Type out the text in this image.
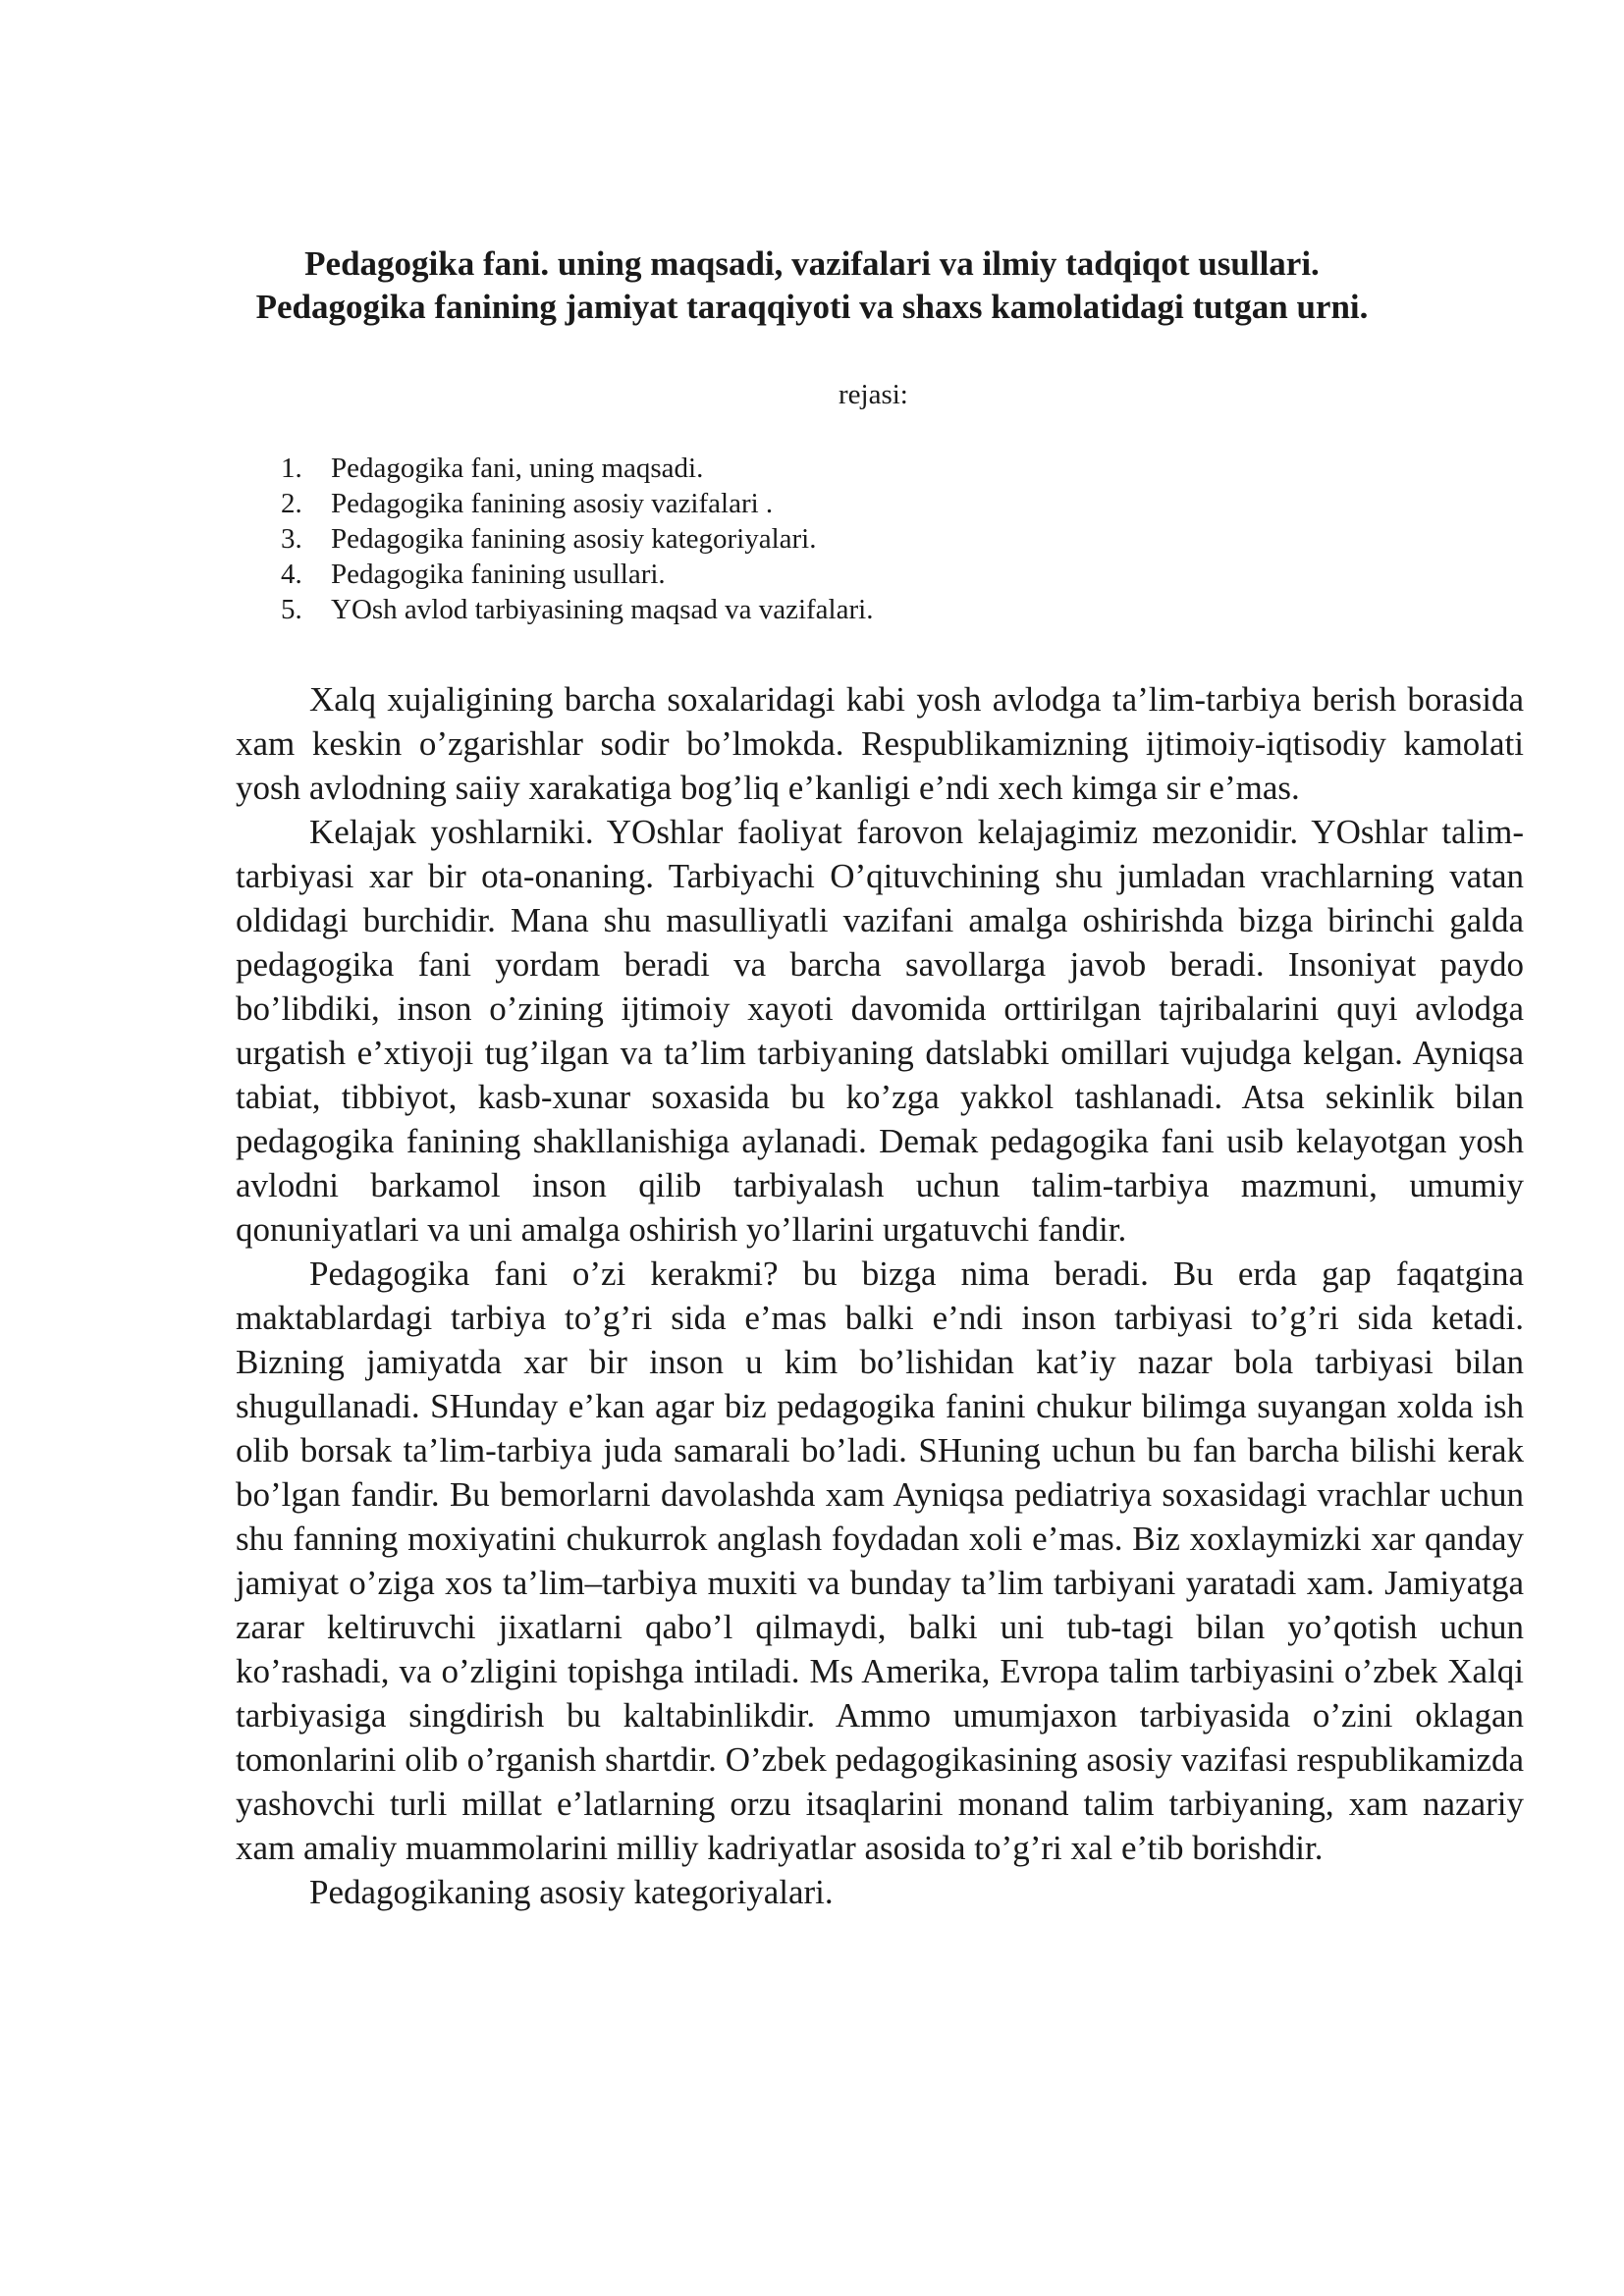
Pedagogika fani. uning maqsadi, vazifalari va ilmiy tadqiqot usullari.
Pedagogika fanining jamiyat taraqqiyoti va shaxs kamolatidagi tutgan urni.
rejasi:
1. Pedagogika fani, uning maqsadi.
2. Pedagogika fanining asosiy vazifalari .
3. Pedagogika fanining asosiy kategoriyalari.
4. Pedagogika fanining usullari.
5. YOsh avlod tarbiyasining maqsad va vazifalari.

Xalq xujaligining barcha soxalaridagi kabi yosh avlodga ta’lim-tarbiya berish borasida xam keskin o’zgarishlar sodir bo’lmokda. Respublikamizning ijtimoiy-iqtisodiy kamolati yosh avlodning saiiy xarakatiga bog’liq e’kanligi e’ndi xech kimga sir e’mas.

Kelajak yoshlarniki. YOshlar faoliyat farovon kelajagimiz mezonidir. YOshlar talim-tarbiyasi xar bir ota-onaning. Tarbiyachi O’qituvchining shu jumladan vrachlarning vatan oldidagi burchidir. Mana shu masulliyatli vazifani amalga oshirishda bizga birinchi galda pedagogika fani yordam beradi va barcha savollarga javob beradi. Insoniyat paydo bo’libdiki, inson o’zining ijtimoiy xayoti davomida orttirilgan tajribalarini quyi avlodga urgatish e’xtiyoji tug’ilgan va ta’lim tarbiyaning datslabki omillari vujudga kelgan. Ayniqsa tabiat, tibbiyot, kasb-xunar soxasida bu ko’zga yakkol tashlanadi. Atsa sekinlik bilan pedagogika fanining shakllanishiga aylanadi. Demak pedagogika fani usib kelayotgan yosh avlodni barkamol inson qilib tarbiyalash uchun talim-tarbiya mazmuni, umumiy qonuniyatlari va uni amalga oshirish yo’llarini urgatuvchi fandir.

Pedagogika fani o’zi kerakmi? bu bizga nima beradi. Bu erda gap faqatgina maktablardagi tarbiya to’g’ri sida e’mas balki e’ndi inson tarbiyasi to’g’ri sida ketadi. Bizning jamiyatda xar bir inson u kim bo’lishidan kat’iy nazar bola tarbiyasi bilan shugullanadi. SHunday e’kan agar biz pedagogika fanini chukur bilimga suyangan xolda ish olib borsak ta’lim-tarbiya juda samarali bo’ladi. SHuning uchun bu fan barcha bilishi kerak bo’lgan fandir. Bu bemorlarni davolashda xam Ayniqsa pediatriya soxasidagi vrachlar uchun shu fanning moxiyatini chukurrok anglash foydadan xoli e’mas. Biz xoxlaymizki xar qanday jamiyat o’ziga xos ta’lim–tarbiya muxiti va bunday ta’lim tarbiyani yaratadi xam. Jamiyatga zarar keltiruvchi jixatlarni qabo’l qilmaydi, balki uni tub-tagi bilan yo’qotish uchun ko’rashadi, va o’zligini topishga intiladi. Ms Amerika, Evropa talim tarbiyasini o’zbek Xalqi tarbiyasiga singdirish bu kaltabinlikdir. Ammo umumjaxon tarbiyasida o’zini oklagan tomonlarini olib o’rganish shartdir. O’zbek pedagogikasining asosiy vazifasi respublikamizda yashovchi turli millat e’latlarning orzu itsaqlarini monand talim tarbiyaning, xam nazariy xam amaliy muammolarini milliy kadriyatlar asosida to’g’ri xal e’tib borishdir.

Pedagogikaning asosiy kategoriyalari.
